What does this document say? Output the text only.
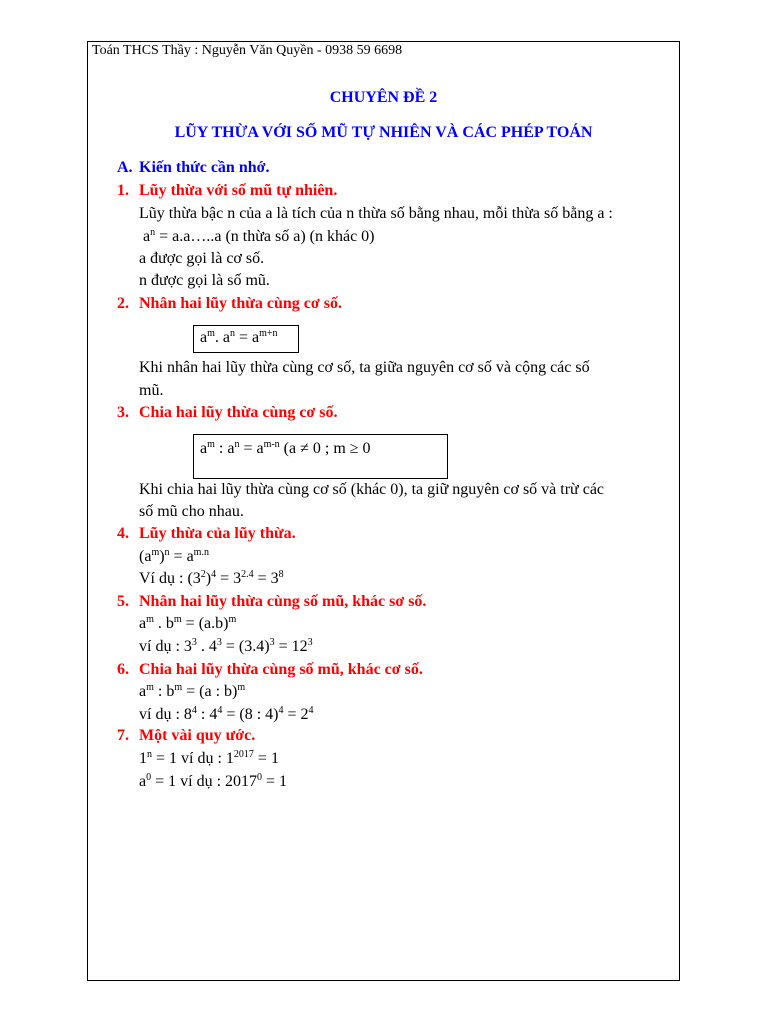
Toán THCS Thầy : Nguyễn Văn Quyền - 0938 59 6698
CHUYÊN ĐỀ 2
LŨY THỪA VỚI SỐ MŨ TỰ NHIÊN VÀ CÁC PHÉP TOÁN
A. Kiến thức cần nhớ.
1. Lũy thừa với số mũ tự nhiên.
Lũy thừa bậc n của a là tích của n thừa số bằng nhau, mỗi thừa số bằng a :
$a^n$ = a.a…..a (n thừa số a) (n khác 0)
a được gọi là cơ số.
n được gọi là số mũ.
2. Nhân hai lũy thừa cùng cơ số.
$a^m$. $a^n = a^{m+n}$
Khi nhân hai lũy thừa cùng cơ số, ta giữa nguyên cơ số và cộng các số
mũ.
3. Chia hai lũy thừa cùng cơ số.
$a^m$ : $a^n = a^{m-n}$ (a ≠ 0 ; m ≥ 0
Khi chia hai lũy thừa cùng cơ số (khác 0), ta giữ nguyên cơ số và trừ các
số mũ cho nhau.
4. Lũy thừa của lũy thừa.
$(a^m)^n = a^{m.n}$
Ví dụ : $(3^2)^4 = 3^{2.4} = 3^8$
5. Nhân hai lũy thừa cùng số mũ, khác sơ số.
$a^m$ . $b^m = (a.b)^m$
ví dụ : $3^3$ . $4^3 = (3.4)^3 = 12^3$
6. Chia hai lũy thừa cùng số mũ, khác cơ số.
$a^m$ : $b^m = (a$ : b)$^m$
ví dụ : $8^4$ : $4^4 = (8$ : $4)^4 = 2^4$
7. Một vài quy ước.
$1^n = 1$ ví dụ : $1^{2017} = 1$
$a^0 = 1$ ví dụ : $2017^0 = 1$
